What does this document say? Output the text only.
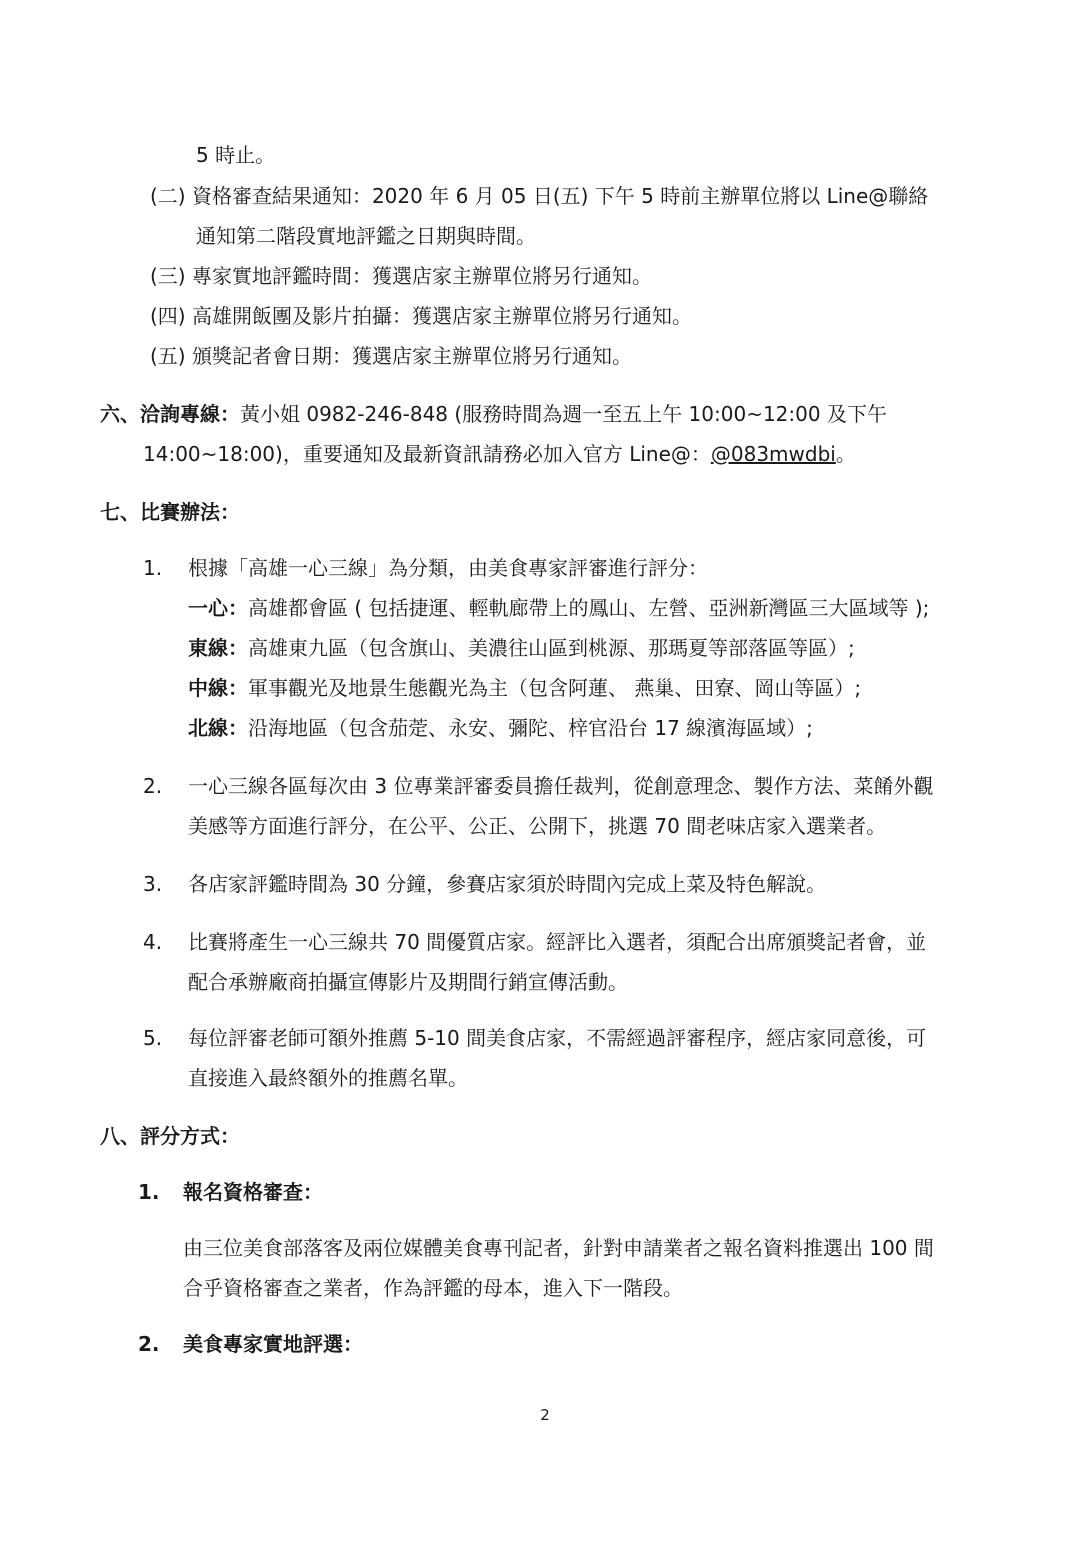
5 時止。
(二) 資格審查結果通知：2020 年 6 月 05 日(五) 下午 5 時前主辦單位將以 Line@聯絡
通知第二階段實地評鑑之日期與時間。
(三) 專家實地評鑑時間：獲選店家主辦單位將另行通知。
(四) 高雄開飯團及影片拍攝：獲選店家主辦單位將另行通知。
(五) 頒獎記者會日期：獲選店家主辦單位將另行通知。
六、洽詢專線：黃小姐 0982-246-848 (服務時間為週一至五上午 10:00~12:00 及下午
14:00~18:00)，重要通知及最新資訊請務必加入官方 Line@：@083mwdbi。
七、比賽辦法：
1. 根據「高雄一心三線」為分類，由美食專家評審進行評分：
一心：高雄都會區 ( 包括捷運、輕軌廊帶上的鳳山、左營、亞洲新灣區三大區域等 );
東線：高雄東九區（包含旗山、美濃往山區到桃源、那瑪夏等部落區等區）;
中線：軍事觀光及地景生態觀光為主（包含阿蓮、 燕巢、田寮、岡山等區）;
北線：沿海地區（包含茄萣、永安、彌陀、梓官沿台 17 線濱海區域）;
2. 一心三線各區每次由 3 位專業評審委員擔任裁判，從創意理念、製作方法、菜餚外觀
美感等方面進行評分，在公平、公正、公開下，挑選 70 間老味店家入選業者。
3. 各店家評鑑時間為 30 分鐘，參賽店家須於時間內完成上菜及特色解說。
4. 比賽將產生一心三線共 70 間優質店家。經評比入選者，須配合出席頒獎記者會，並
配合承辦廠商拍攝宣傳影片及期間行銷宣傳活動。
5. 每位評審老師可額外推薦 5-10 間美食店家，不需經過評審程序，經店家同意後，可
直接進入最終額外的推薦名單。
八、評分方式：
1. 報名資格審查：
由三位美食部落客及兩位媒體美食專刊記者，針對申請業者之報名資料推選出 100 間
合乎資格審查之業者，作為評鑑的母本，進入下一階段。
2. 美食專家實地評選：
2
